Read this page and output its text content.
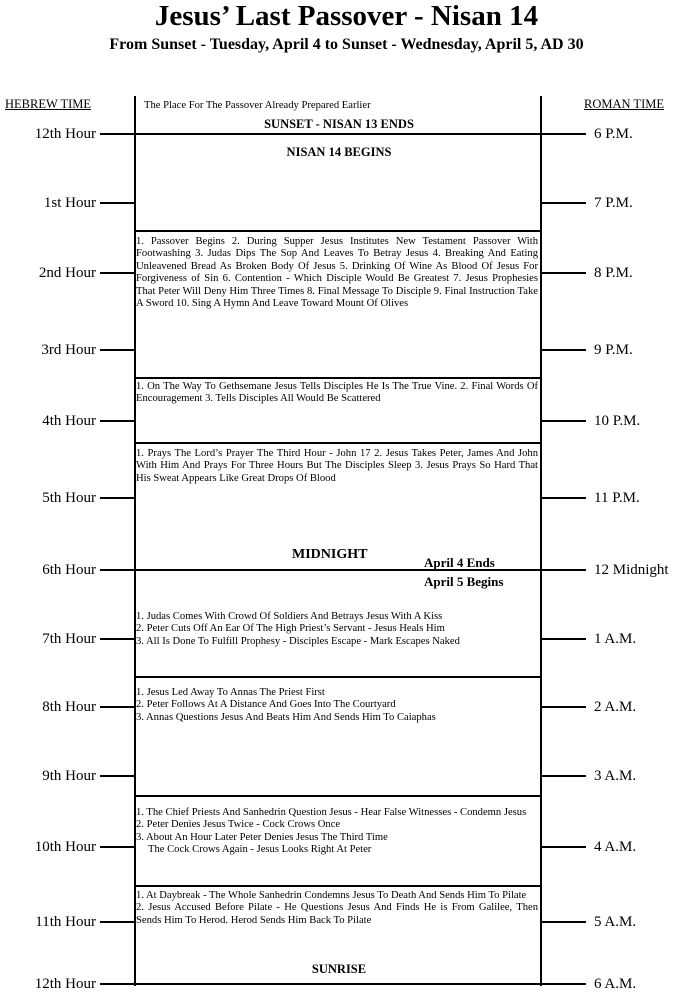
Jesus’ Last Passover - Nisan 14
From Sunset - Tuesday, April 4 to Sunset - Wednesday, April 5, AD 30
HEBREW TIME	ROMAN TIME
12th Hour
1st Hour
2nd Hour
3rd Hour
4th Hour
5th Hour
6th Hour
7th Hour
8th Hour
9th Hour
10th Hour
11th Hour
12th Hour
6 P.M.
7 P.M.
8 P.M.
9 P.M.
10 P.M.
11 P.M.
12 Midnight
1 A.M.
2 A.M.
3 A.M.
4 A.M.
5 A.M.
6 A.M.
The Place For The Passover Already Prepared Earlier
SUNSET - NISAN 13 ENDS
NISAN 14 BEGINS
MIDNIGHT
April 4 Ends
April 5 Begins
SUNRISE
1. Passover Begins 2. During Supper Jesus Institutes New Testament Passover With Footwashing 3. Judas Dips The Sop And Leaves To Betray Jesus 4. Breaking And Eating Unleavened Bread As Broken Body Of Jesus 5. Drinking Of Wine As Blood Of Jesus For Forgiveness of Sin 6. Contention - Which Disciple Would Be Greatest 7. Jesus Prophesies That Peter Will Deny Him Three Times 8. Final Message To Disciple 9. Final Instruction Take A Sword 10. Sing A Hymn And Leave Toward Mount Of Olives
1. On The Way To Gethsemane Jesus Tells Disciples He Is The True Vine. 2. Final Words Of Encouragement 3. Tells Disciples All Would Be Scattered
1. Prays The Lord’s Prayer The Third Hour - John 17 2. Jesus Takes Peter, James And John With Him And Prays For Three Hours But The Disciples Sleep 3. Jesus Prays So Hard That His Sweat Appears Like Great Drops Of Blood
1. Judas Comes With Crowd Of Soldiers And Betrays Jesus With A Kiss
2. Peter Cuts Off An Ear Of The High Priest’s Servant - Jesus Heals Him
3. All Is Done To Fulfill Prophesy - Disciples Escape - Mark Escapes Naked
1. Jesus Led Away To Annas The Priest First
2. Peter Follows At A Distance And Goes Into The Courtyard
3. Annas Questions Jesus And Beats Him And Sends Him To Caiaphas
1. The Chief Priests And Sanhedrin Question Jesus - Hear False Witnesses - Condemn Jesus
2. Peter Denies Jesus Twice - Cock Crows Once
3. About An Hour Later Peter Denies Jesus The Third Time
The Cock Crows Again - Jesus Looks Right At Peter
1. At Daybreak - The Whole Sanhedrin Condemns Jesus To Death And Sends Him To Pilate
2. Jesus Accused Before Pilate - He Questions Jesus And Finds He is From Galilee, Then Sends Him To Herod. Herod Sends Him Back To Pilate
